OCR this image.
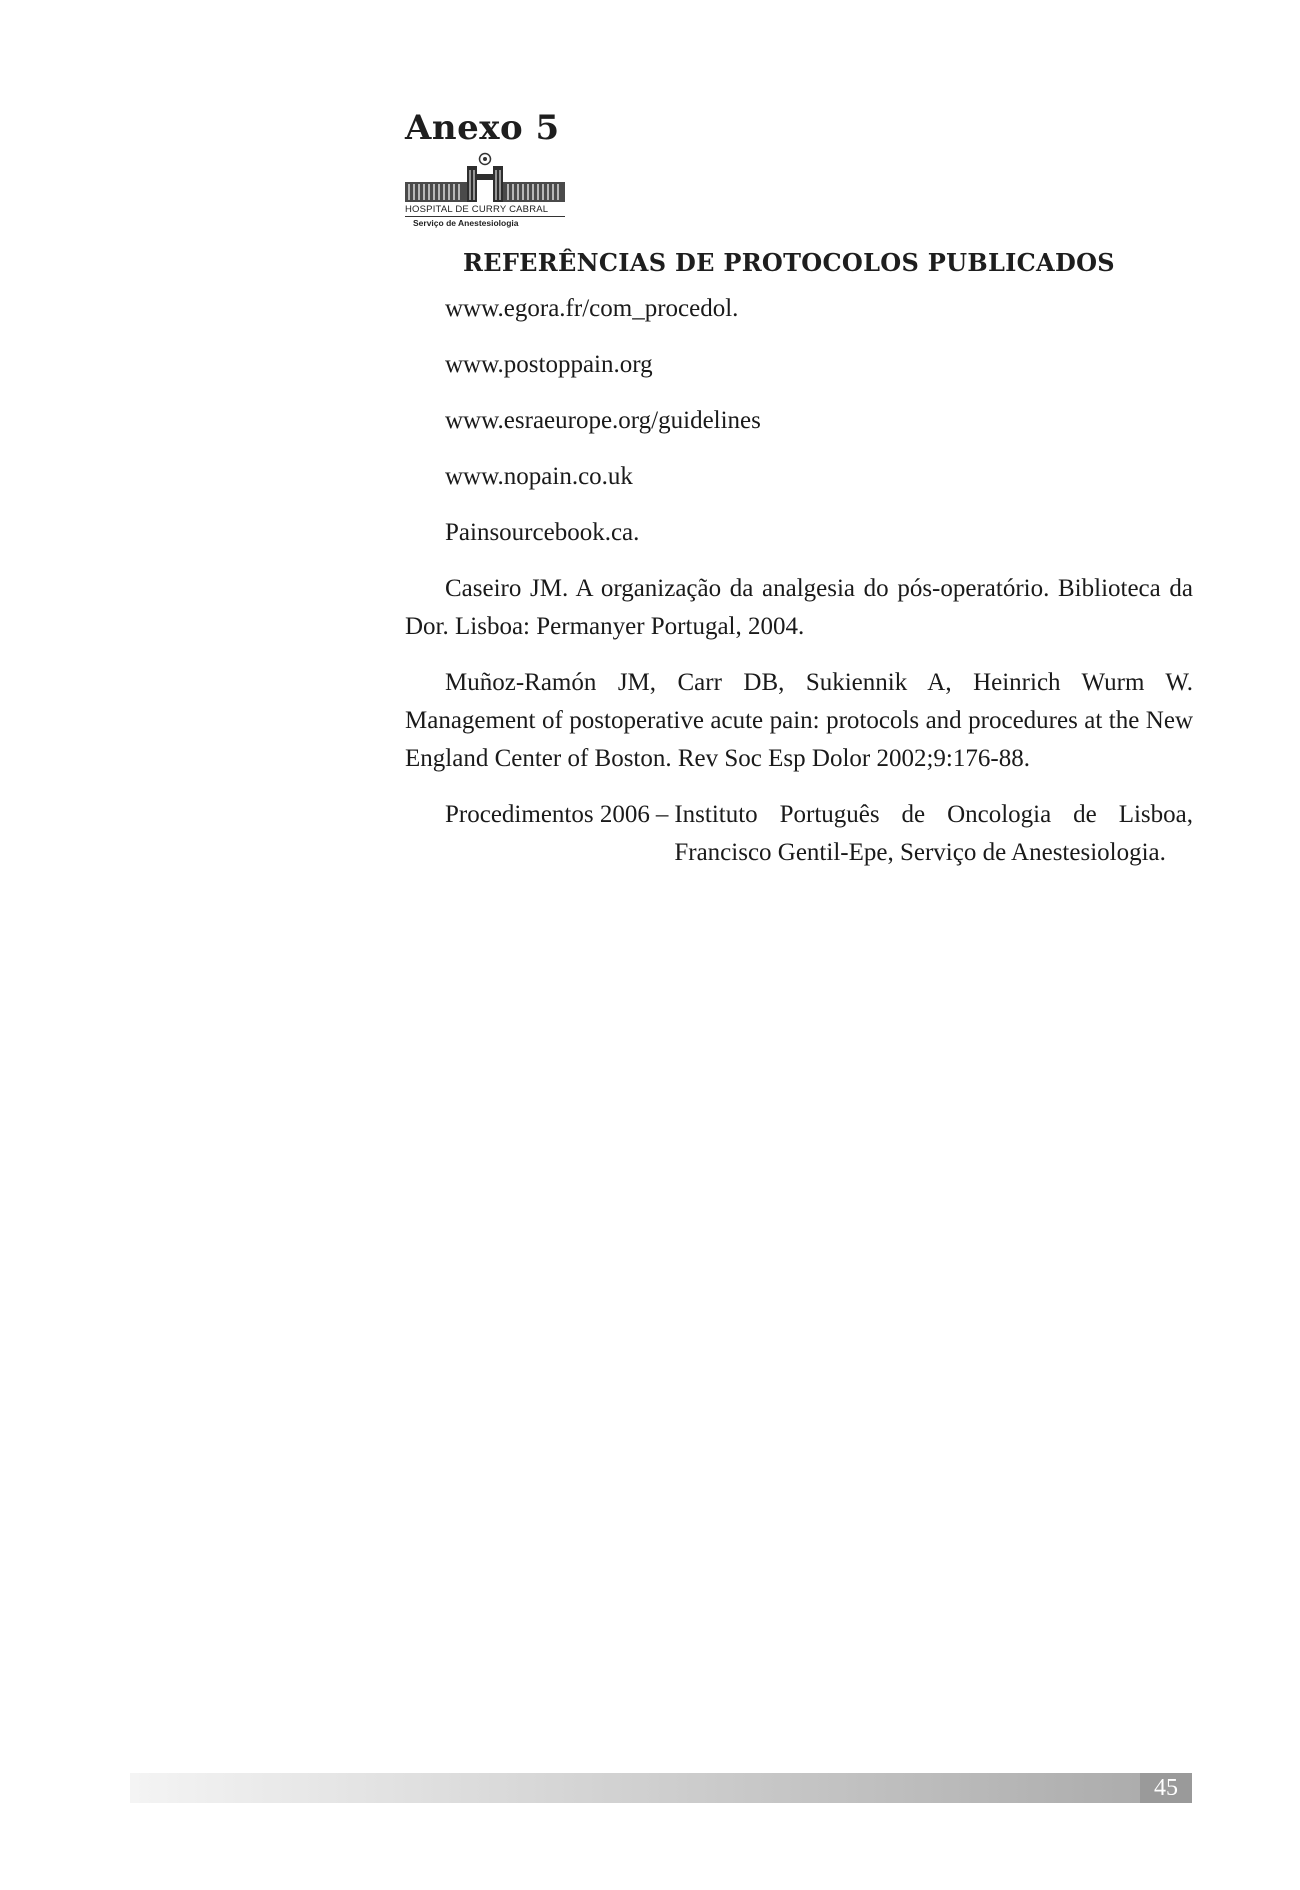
Anexo 5
HOSPITAL DE CURRY CABRAL
Serviço de Anestesiologia
REFERÊNCIAS DE PROTOCOLOS PUBLICADOS

www.egora.fr/com_procedol.

www.postoppain.org

www.esraeurope.org/guidelines

www.nopain.co.uk

Painsourcebook.ca.

Caseiro JM. A organização da analgesia do pós-operatório. Biblioteca da Dor. Lisboa: Permanyer Portugal, 2004.

Muñoz-Ramón JM, Carr DB, Sukiennik A, Heinrich Wurm W. Management of postoperative acute pain: protocols and procedures at the New England Center of Boston. Rev Soc Esp Dolor 2002;9:176-88.

Procedimentos 2006 – Instituto Português de Oncologia de Lisboa, Francisco Gentil-Epe, Serviço de Anestesiologia.
45
